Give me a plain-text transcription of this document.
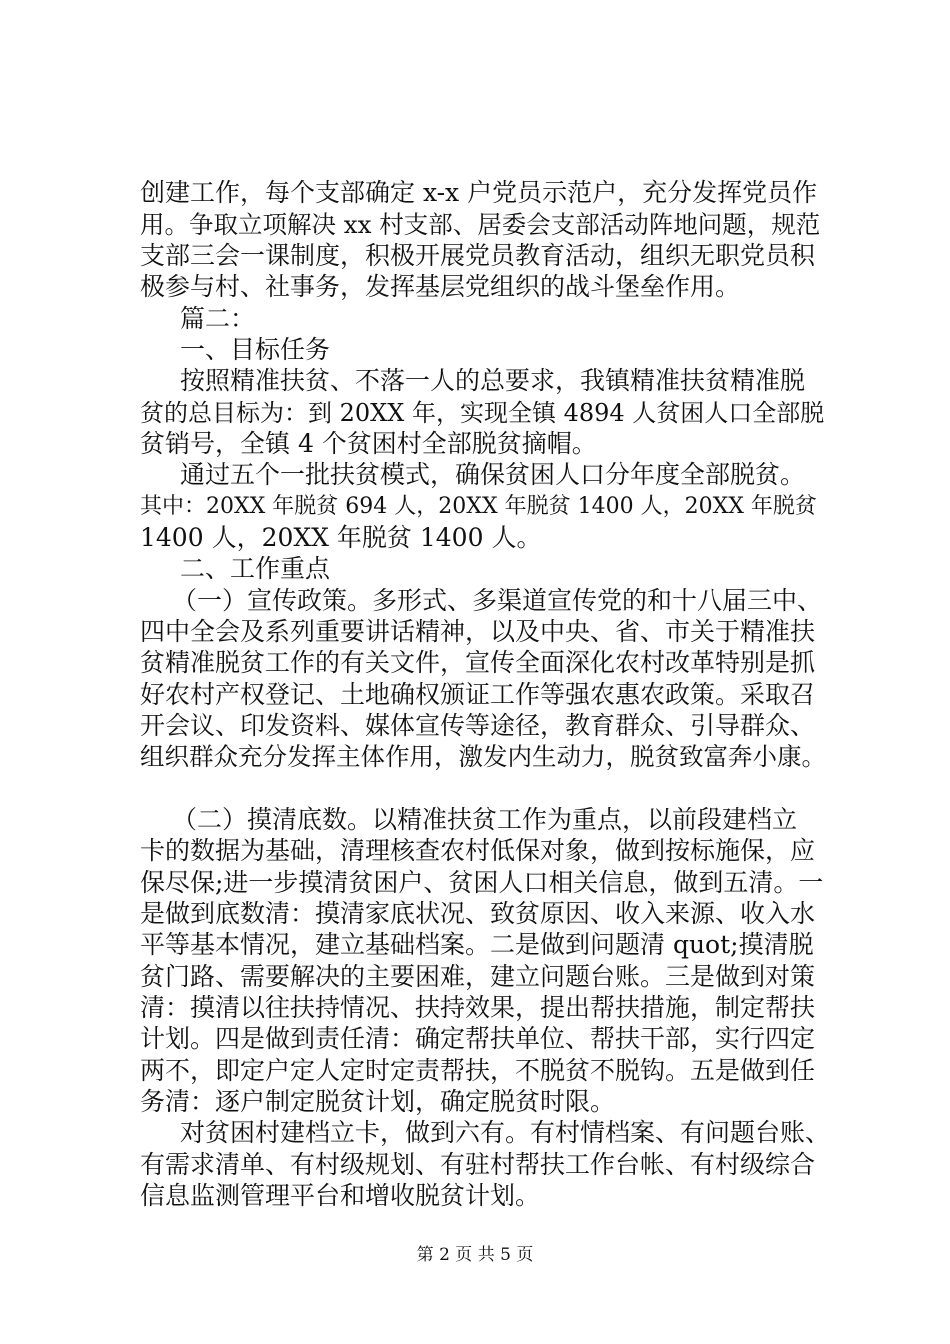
创建工作，每个支部确定 x-x 户党员示范户，充分发挥党员作
用。争取立项解决 xx 村支部、居委会支部活动阵地问题，规范
支部三会一课制度，积极开展党员教育活动，组织无职党员积
极参与村、社事务，发挥基层党组织的战斗堡垒作用。
篇二：
一、目标任务
按照精准扶贫、不落一人的总要求，我镇精准扶贫精准脱
贫的总目标为：到 20XX 年，实现全镇 4894 人贫困人口全部脱
贫销号，全镇 4 个贫困村全部脱贫摘帽。
通过五个一批扶贫模式，确保贫困人口分年度全部脱贫。
其中：20XX 年脱贫 694 人，20XX 年脱贫 1400 人，20XX 年脱贫
1400 人，20XX 年脱贫 1400 人。
二、工作重点
（一）宣传政策。多形式、多渠道宣传党的和十八届三中、
四中全会及系列重要讲话精神，以及中央、省、市关于精准扶
贫精准脱贫工作的有关文件，宣传全面深化农村改革特别是抓
好农村产权登记、土地确权颁证工作等强农惠农政策。采取召
开会议、印发资料、媒体宣传等途径，教育群众、引导群众、
组织群众充分发挥主体作用，激发内生动力，脱贫致富奔小康。
（二）摸清底数。以精准扶贫工作为重点，以前段建档立
卡的数据为基础，清理核查农村低保对象，做到按标施保，应
保尽保;进一步摸清贫困户、贫困人口相关信息，做到五清。一
是做到底数清：摸清家底状况、致贫原因、收入来源、收入水
平等基本情况，建立基础档案。二是做到问题清 quot;摸清脱
贫门路、需要解决的主要困难，建立问题台账。三是做到对策
清：摸清以往扶持情况、扶持效果，提出帮扶措施，制定帮扶
计划。四是做到责任清：确定帮扶单位、帮扶干部，实行四定
两不，即定户定人定时定责帮扶，不脱贫不脱钩。五是做到任
务清：逐户制定脱贫计划，确定脱贫时限。
对贫困村建档立卡，做到六有。有村情档案、有问题台账、
有需求清单、有村级规划、有驻村帮扶工作台帐、有村级综合
信息监测管理平台和增收脱贫计划。
第 2 页 共 5 页
